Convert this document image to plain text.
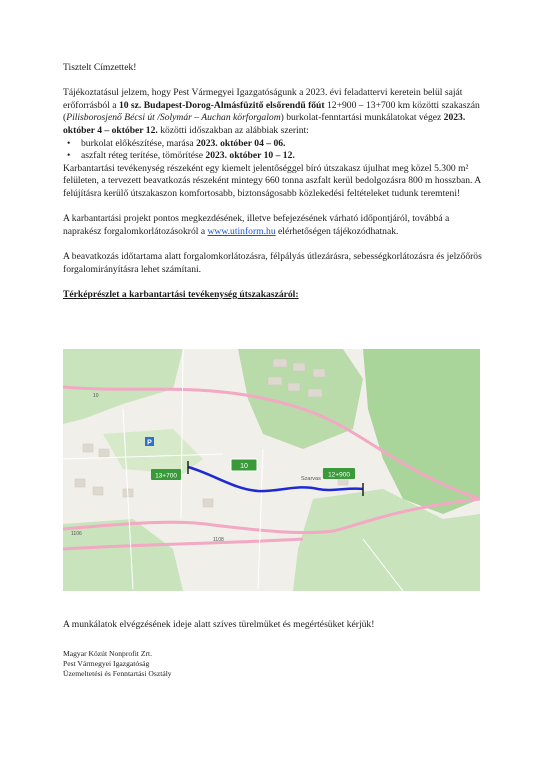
Tisztelt Címzettek!

Tájékoztatásul jelzem, hogy Pest Vármegyei Igazgatóságunk a 2023. évi feladattervi keretein belül saját erőforrásból a 10 sz. Budapest-Dorog-Almásfüzitő elsőrendű főút 12+900 – 13+700 km közötti szakaszán (Pilisborosjenő Bécsi út /Solymár – Auchan körforgalom) burkolat-fenntartási munkálatokat végez 2023. október 4 – október 12. közötti időszakban az alábbiak szerint:

• burkolat előkészítése, marása 2023. október 04 – 06.
• aszfalt réteg terítése, tömörítése 2023. október 10 – 12.

Karbantartási tevékenység részeként egy kiemelt jelentőséggel bíró útszakasz újulhat meg közel 5.300 m² felületen, a tervezett beavatkozás részeként mintegy 660 tonna aszfalt kerül bedolgozásra 800 m hosszban. A felújításra kerülő útszakaszon komfortosabb, biztonságosabb közlekedési feltételeket tudunk teremteni!

A karbantartási projekt pontos megkezdésének, illetve befejezésének várható időpontjáról, továbbá a naprakész forgalomkorlátozásokról a www.utinform.hu elérhetőségen tájékozódhatnak.

A beavatkozás időtartama alatt forgalomkorlátozásra, félpályás útlezárásra, sebességkorlátozásra és jelzőőrös forgalomirányításra lehet számítani.

Térképrészlet a karbantartási tevékenység útszakaszáról:

13+700	12+900
10
Szarvas
1106
1108
10
P

A munkálatok elvégzésének ideje alatt szíves türelmüket és megértésüket kérjük!

Magyar Közút Nonprofit Zrt.
Pest Vármegyei Igazgatóság
Üzemeltetési és Fenntartási Osztály
